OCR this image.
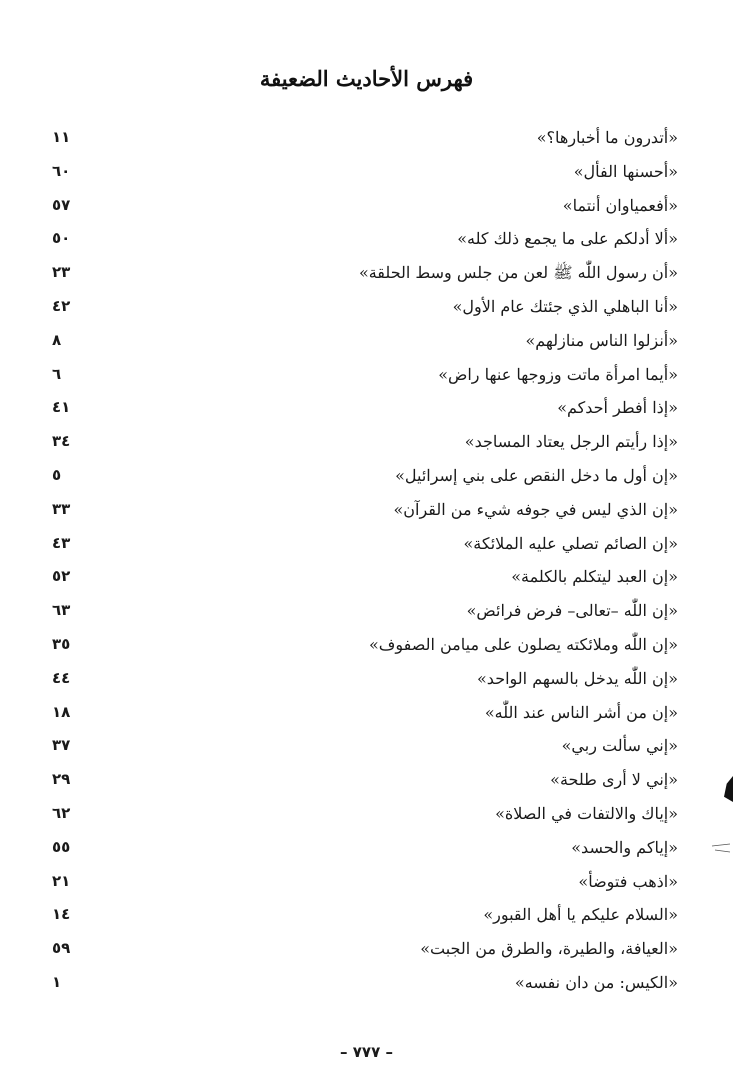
فهرس الأحاديث الضعيفة
«أتدرون ما أخبارها؟»
١١
«أحسنها الفأل»
٦٠
«أفعمياوان أنتما»
٥٧
«ألا أدلكم على ما يجمع ذلك كله»
٥٠
«أن رسول اللّٰه ﷺ لعن من جلس وسط الحلقة»
٢٣
«أنا الباهلي الذي جئتك عام الأول»
٤٢
«أنزلوا الناس منازلهم»
٨
«أيما امرأة ماتت وزوجها عنها راض»
٦
«إذا أفطر أحدكم»
٤١
«إذا رأيتم الرجل يعتاد المساجد»
٣٤
«إن أول ما دخل النقص على بني إسرائيل»
٥
«إن الذي ليس في جوفه شيء من القرآن»
٣٣
«إن الصائم تصلي عليه الملائكة»
٤٣
«إن العبد ليتكلم بالكلمة»
٥٢
«إن اللّٰه –تعالى– فرض فرائض»
٦٣
«إن اللّٰه وملائكته يصلون على ميامن الصفوف»
٣٥
«إن اللّٰه يدخل بالسهم الواحد»
٤٤
«إن من أشر الناس عند اللّٰه»
١٨
«إني سألت ربي»
٣٧
«إني لا أرى طلحة»
٢٩
«إياك والالتفات في الصلاة»
٦٢
«إياكم والحسد»
٥٥
«اذهب فتوضأ»
٢١
«السلام عليكم يا أهل القبور»
١٤
«العيافة، والطيرة، والطرق من الجبت»
٥٩
«الكيس: من دان نفسه»
١
– ٧٧٧ –
